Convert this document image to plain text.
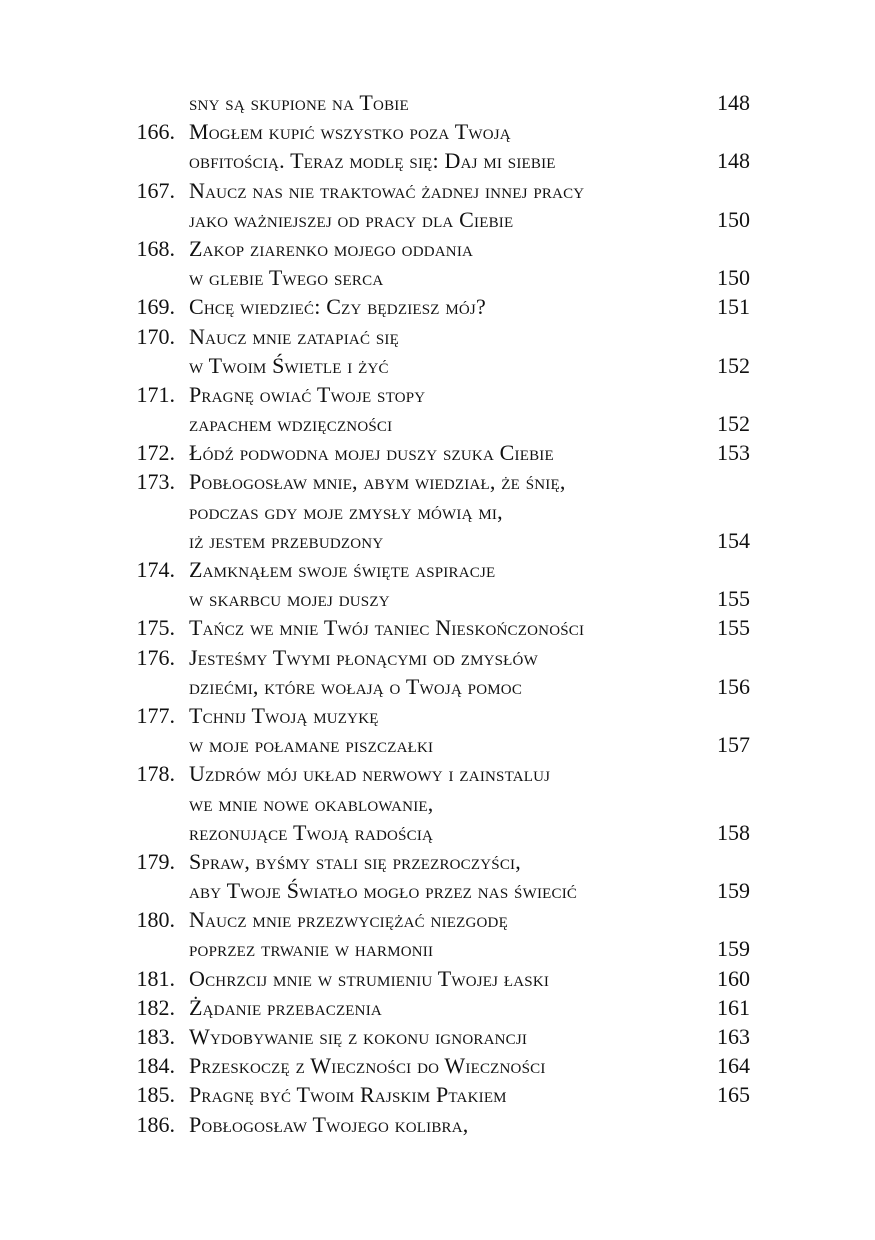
sny są skupione na Tobie	148
166. Mogłem kupić wszystko poza Twoją
obfitością. Teraz modlę się: Daj mi siebie	148
167. Naucz nas nie traktować żadnej innej pracy
jako ważniejszej od pracy dla Ciebie	150
168. Zakop ziarenko mojego oddania
w glebie Twego serca	150
169. Chcę wiedzieć: Czy będziesz mój?	151
170. Naucz mnie zatapiać się
w Twoim Świetle i żyć	152
171. Pragnę owiać Twoje stopy
zapachem wdzięczności	152
172. Łódź podwodna mojej duszy szuka Ciebie	153
173. Pobłogosław mnie, abym wiedział, że śnię,
podczas gdy moje zmysły mówią mi,
iż jestem przebudzony	154
174. Zamknąłem swoje święte aspiracje
w skarbcu mojej duszy	155
175. Tańcz we mnie Twój taniec Nieskończoności	155
176. Jesteśmy Twymi płonącymi od zmysłów
dziećmi, które wołają o Twoją pomoc	156
177. Tchnij Twoją muzykę
w moje połamane piszczałki	157
178. Uzdrów mój układ nerwowy i zainstaluj
we mnie nowe okablowanie,
rezonujące Twoją radością	158
179. Spraw, byśmy stali się przezroczyści,
aby Twoje Światło mogło przez nas świecić	159
180. Naucz mnie przezwyciężać niezgodę
poprzez trwanie w harmonii	159
181. Ochrzcij mnie w strumieniu Twojej łaski	160
182. Żądanie przebaczenia	161
183. Wydobywanie się z kokonu ignorancji	163
184. Przeskoczę z Wieczności do Wieczności	164
185. Pragnę być Twoim Rajskim Ptakiem	165
186. Pobłogosław Twojego kolibra,
